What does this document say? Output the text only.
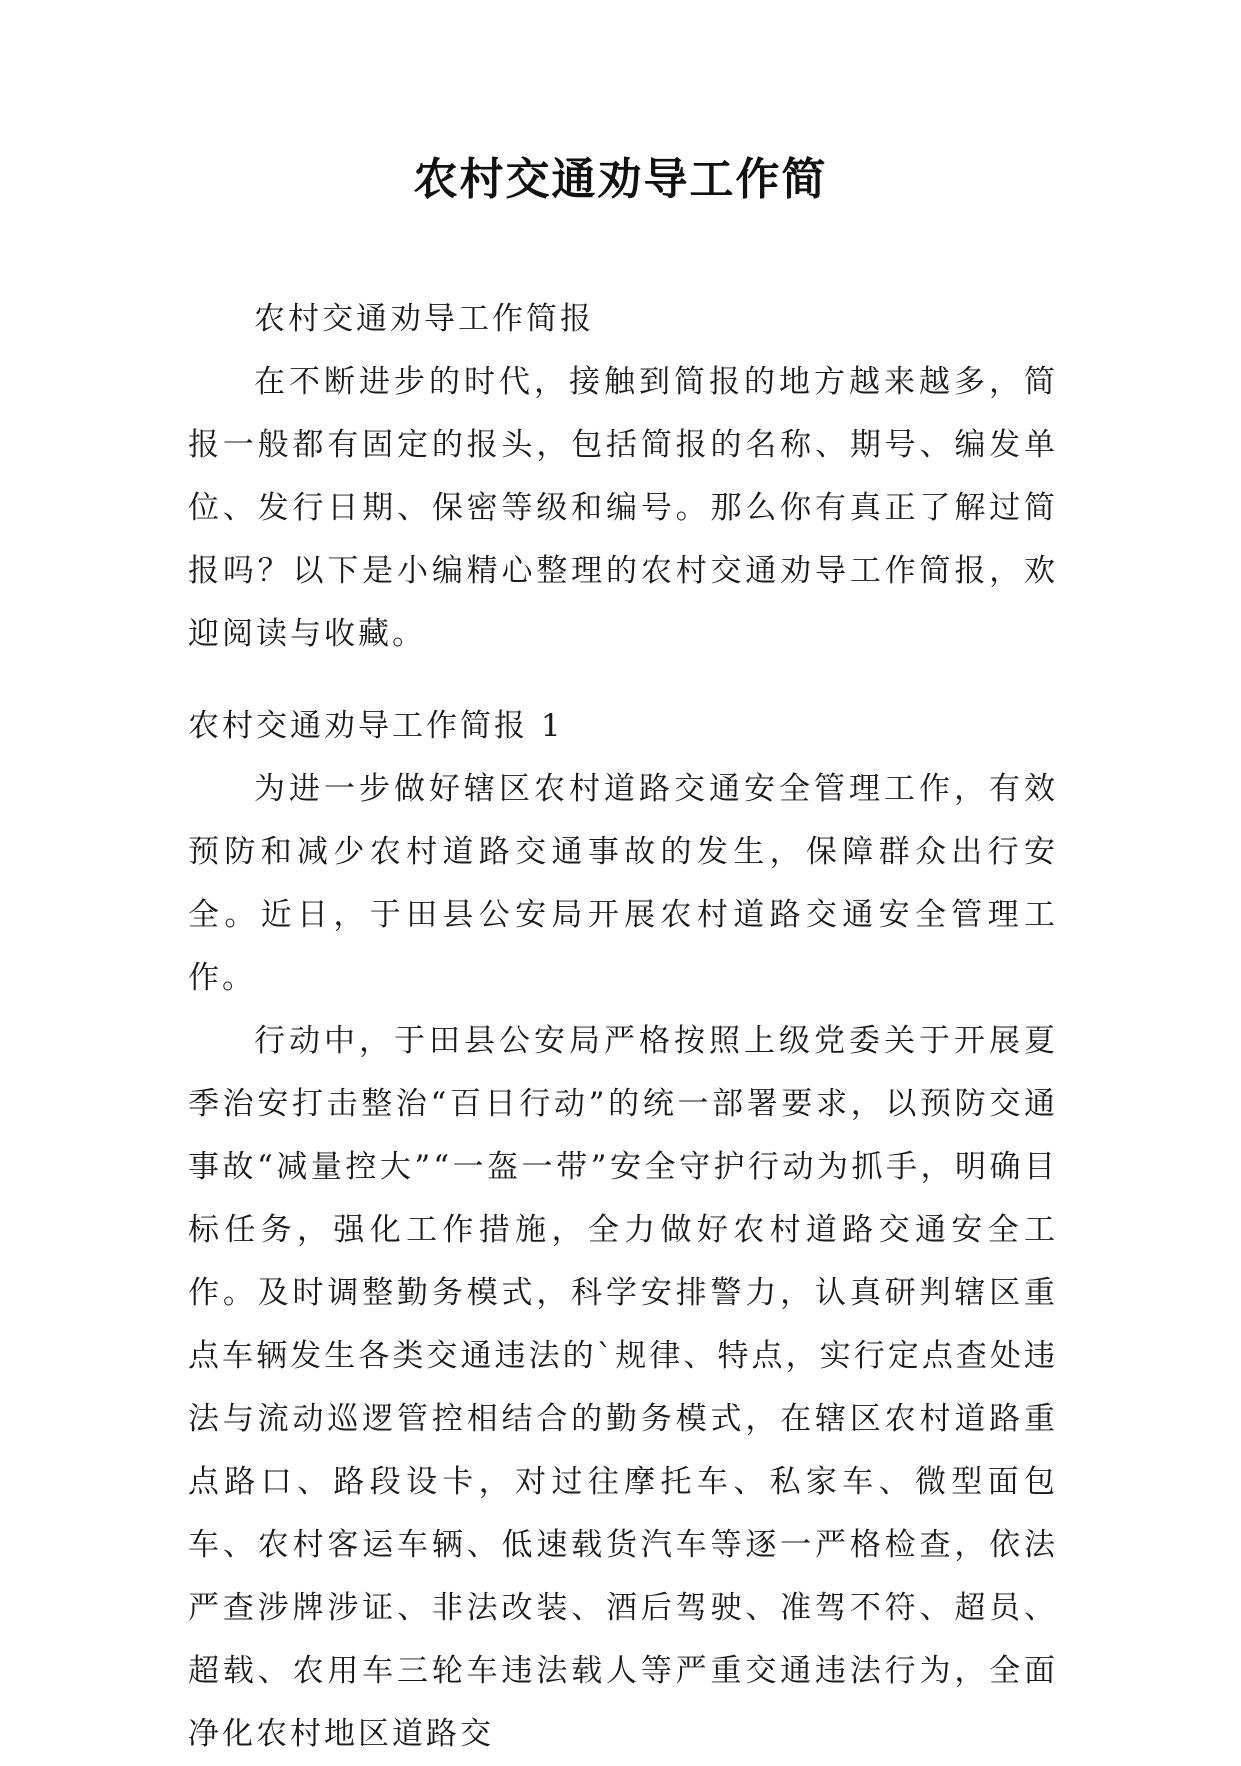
农村交通劝导工作简

农村交通劝导工作简报

在不断进步的时代，接触到简报的地方越来越多，简报一般都有固定的报头，包括简报的名称、期号、编发单位、发行日期、保密等级和编号。那么你有真正了解过简报吗？以下是小编精心整理的农村交通劝导工作简报，欢迎阅读与收藏。

农村交通劝导工作简报 1

为进一步做好辖区农村道路交通安全管理工作，有效预防和减少农村道路交通事故的发生，保障群众出行安全。近日，于田县公安局开展农村道路交通安全管理工作。

行动中，于田县公安局严格按照上级党委关于开展夏季治安打击整治“百日行动”的统一部署要求，以预防交通事故“减量控大”“一盔一带”安全守护行动为抓手，明确目标任务，强化工作措施，全力做好农村道路交通安全工作。及时调整勤务模式，科学安排警力，认真研判辖区重点车辆发生各类交通违法的`规律、特点，实行定点查处违法与流动巡逻管控相结合的勤务模式，在辖区农村道路重点路口、路段设卡，对过往摩托车、私家车、微型面包车、农村客运车辆、低速载货汽车等逐一严格检查，依法严查涉牌涉证、非法改装、酒后驾驶、准驾不符、超员、超载、农用车三轮车违法载人等严重交通违法行为，全面净化农村地区道路交
